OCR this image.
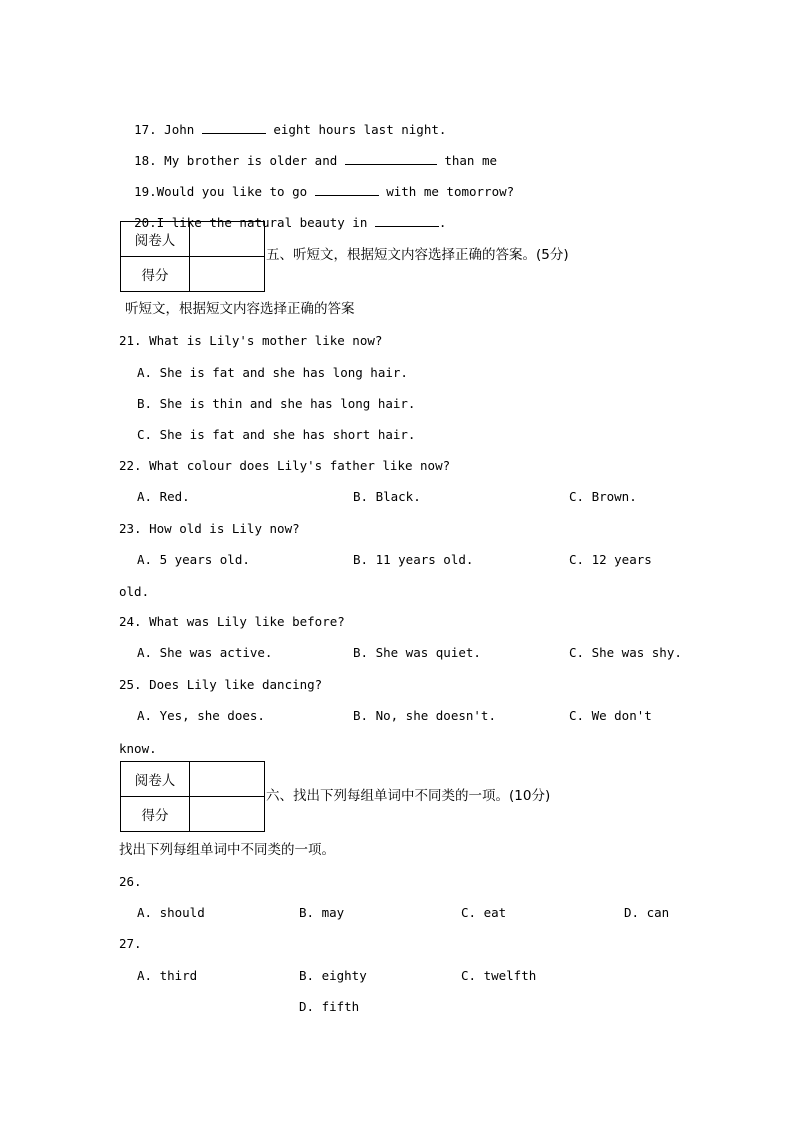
17. John	eight hours last night.

18. My brother is older and	than me

19.Would you like to go	with me tomorrow?

20.I like the natural beauty in	.

阅卷人	
得分	
五、听短文，根据短文内容选择正确的答案。(5分)
听短文，根据短文内容选择正确的答案
21. What is Lily's mother like now?
A. She is fat and she has long hair.
B. She is thin and she has long hair.
C. She is fat and she has short hair.
22. What colour does Lily's father like now?
A. Red.	B. Black.	C. Brown.
23. How old is Lily now?
A. 5 years old.	B. 11 years old.	C. 12 years
old.
24. What was Lily like before?
A. She was active.	B. She was quiet.	C. She was shy.
25. Does Lily like dancing?
A. Yes, she does.	B. No, she doesn't.	C. We don't
know.
阅卷人	
得分	
六、找出下列每组单词中不同类的一项。(10分)
找出下列每组单词中不同类的一项。
26.
A. should	B. may	C. eat	D. can
27.
A. third	B. eighty	C. twelfth
D. fifth
